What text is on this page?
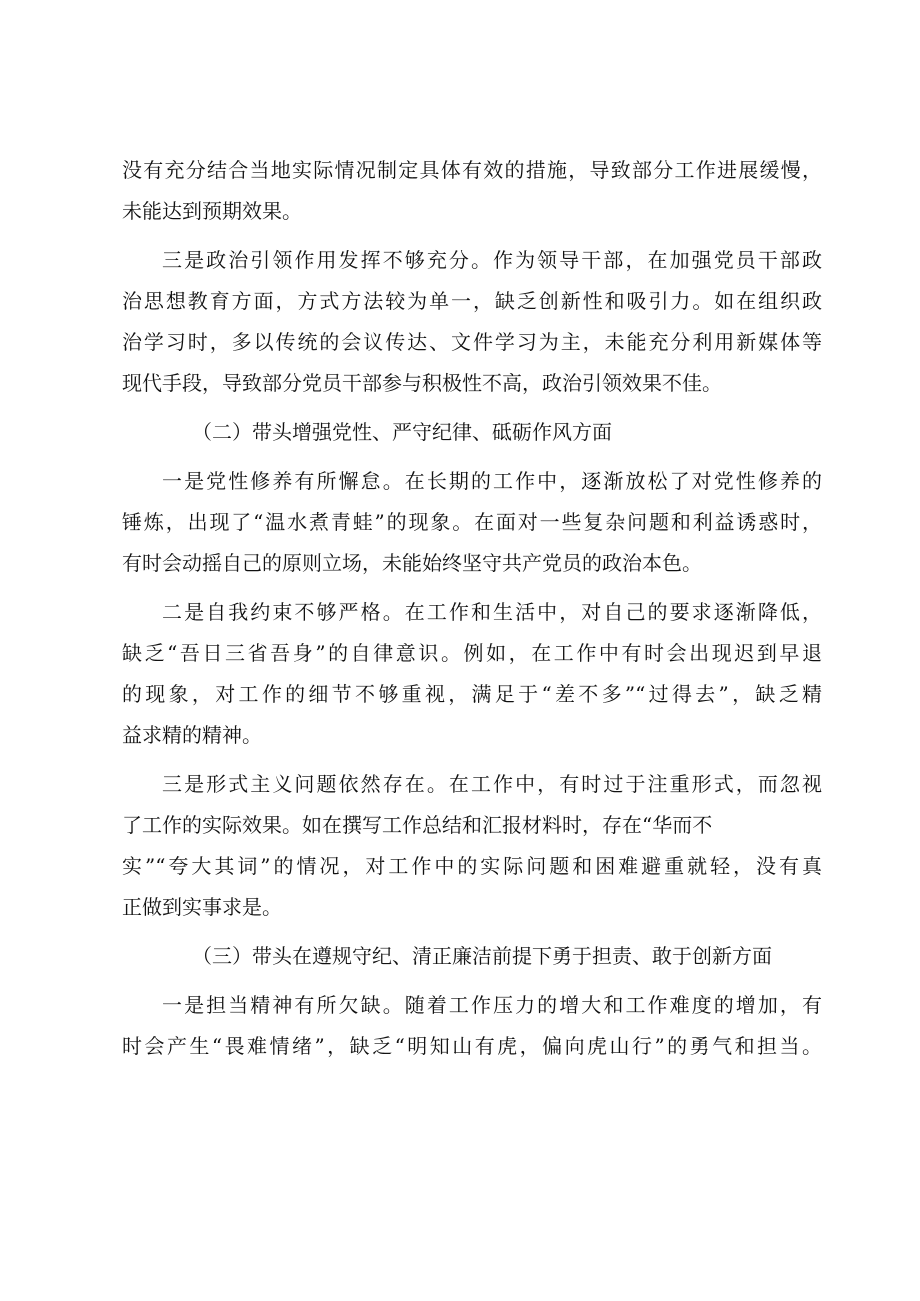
没有充分结合当地实际情况制定具体有效的措施，导致部分工作进展缓慢，
未能达到预期效果。
三是政治引领作用发挥不够充分。作为领导干部，在加强党员干部政
治思想教育方面，方式方法较为单一，缺乏创新性和吸引力。如在组织政
治学习时，多以传统的会议传达、文件学习为主，未能充分利用新媒体等
现代手段，导致部分党员干部参与积极性不高，政治引领效果不佳。
（二）带头增强党性、严守纪律、砥砺作风方面
一是党性修养有所懈怠。在长期的工作中，逐渐放松了对党性修养的
锤炼，出现了“温水煮青蛙”的现象。在面对一些复杂问题和利益诱惑时，
有时会动摇自己的原则立场，未能始终坚守共产党员的政治本色。
二是自我约束不够严格。在工作和生活中，对自己的要求逐渐降低，
缺乏“吾日三省吾身”的自律意识。例如，在工作中有时会出现迟到早退
的现象，对工作的细节不够重视，满足于“差不多”“过得去”，缺乏精
益求精的精神。
三是形式主义问题依然存在。在工作中，有时过于注重形式，而忽视
了工作的实际效果。如在撰写工作总结和汇报材料时，存在“华而不
实”“夸大其词”的情况，对工作中的实际问题和困难避重就轻，没有真
正做到实事求是。
（三）带头在遵规守纪、清正廉洁前提下勇于担责、敢于创新方面
一是担当精神有所欠缺。随着工作压力的增大和工作难度的增加，有
时会产生“畏难情绪”，缺乏“明知山有虎，偏向虎山行”的勇气和担当。
